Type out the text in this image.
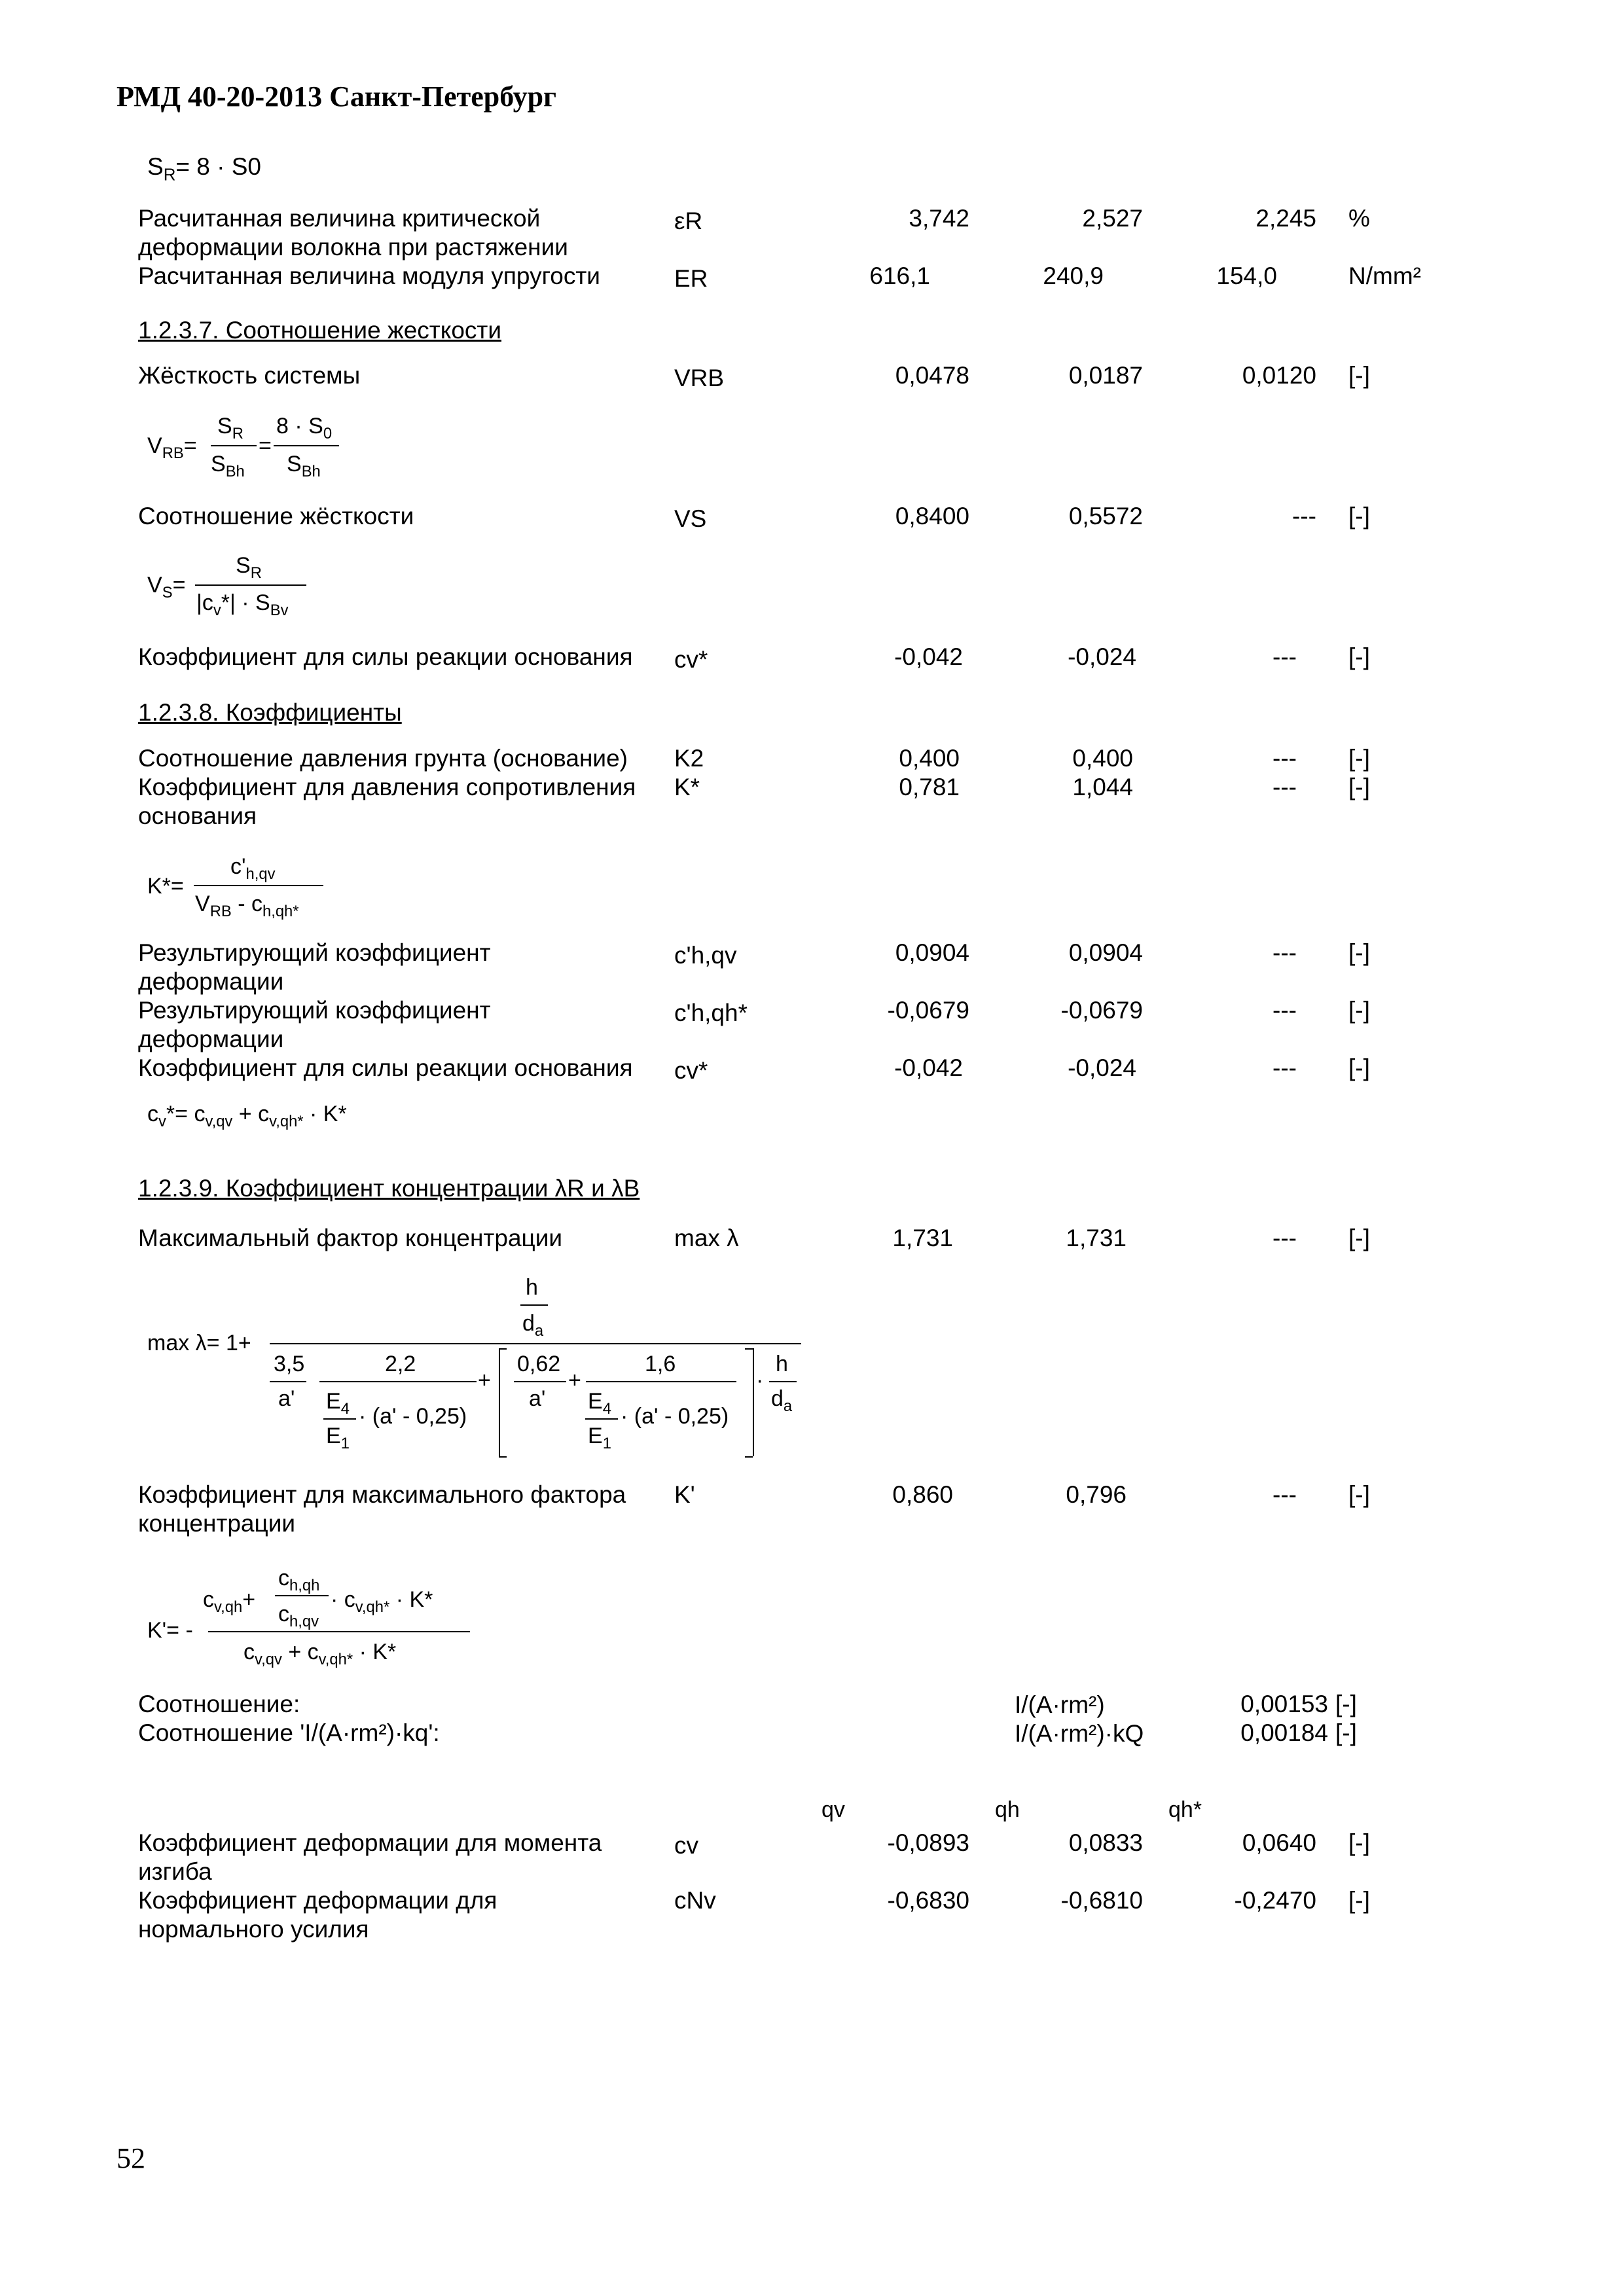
РМД 40-20-2013 Санкт-Петербург
$S_R= 8 \cdot S0$
Расчитанная величина критической
деформации волокна при растяжении
εR	3,742	2,527	2,245 %
Расчитанная величина модуля упругости	ER	616,1	240,9	154,0	N/mm²
1.2.3.7. Соотношение жесткости
Жёсткость системы	VRB	0,0478	0,0187	0,0120 [-]
$V_{RB}=$
$S_R$
$S_{Bh}$
=
$8 \cdot S_0$
$S_{Bh}$
Соотношение жёсткости	VS	0,8400	0,5572	--- [-]
$V_S=$
$S_R$
$|c_v*| \cdot S_{Bv}$
Коэффициент для силы реакции основания cv*	-0,042	-0,024	--- [-]
1.2.3.8. Коэффициенты
Соотношение давления грунта (основание) K2	0,400	0,400	--- [-]
Коэффициент для давления сопротивления
основания
K*	0,781	1,044	--- [-]
K*=
$c'_{h,qv}$
$V_{RB} - c_{h,qh*}$
Результирующий коэффициент
деформации
c'h,qv	0,0904	0,0904	--- [-]
Результирующий коэффициент
деформации
c'h,qh*	-0,0679	-0,0679	--- [-]
Коэффициент для силы реакции основания cv*	-0,042	-0,024	--- [-]
$c_v*= c_{v,qv} + c_{v,qh*} \cdot K*$
1.2.3.9. Коэффициент концентрации λR и λB
Максимальный фактор концентрации	max λ	1,731	1,731	--- [-]
max λ= 1+
h
$d_a$
3,5
a'
2,2
$E_4$
$E_1$
· (a' - 0,25)
+
0,62
a'
+
1,6
$E_4$
$E_1$
· (a' - 0,25)
·
h
$d_a$
Коэффициент для максимального фактора
концентрации
K'	0,860	0,796	--- [-]
K'= -
$c_{v,qh}+$
$c_{h,qh}$
$c_{h,qv}$
· $c_{v,qh*} \cdot K*$
$c_{v,qv} + c_{v,qh*} \cdot K*$
Соотношение:	I/(A·rm²)	0,00153 [-]
Соотношение 'I/(A·rm²)·kq':	I/(A·rm²)·kQ	0,00184 [-]
qv	qh	qh*
Коэффициент деформации для момента
изгиба
cv	-0,0893	0,0833	0,0640 [-]
Коэффициент деформации для
нормального усилия
cNv	-0,6830	-0,6810	-0,2470 [-]
52
